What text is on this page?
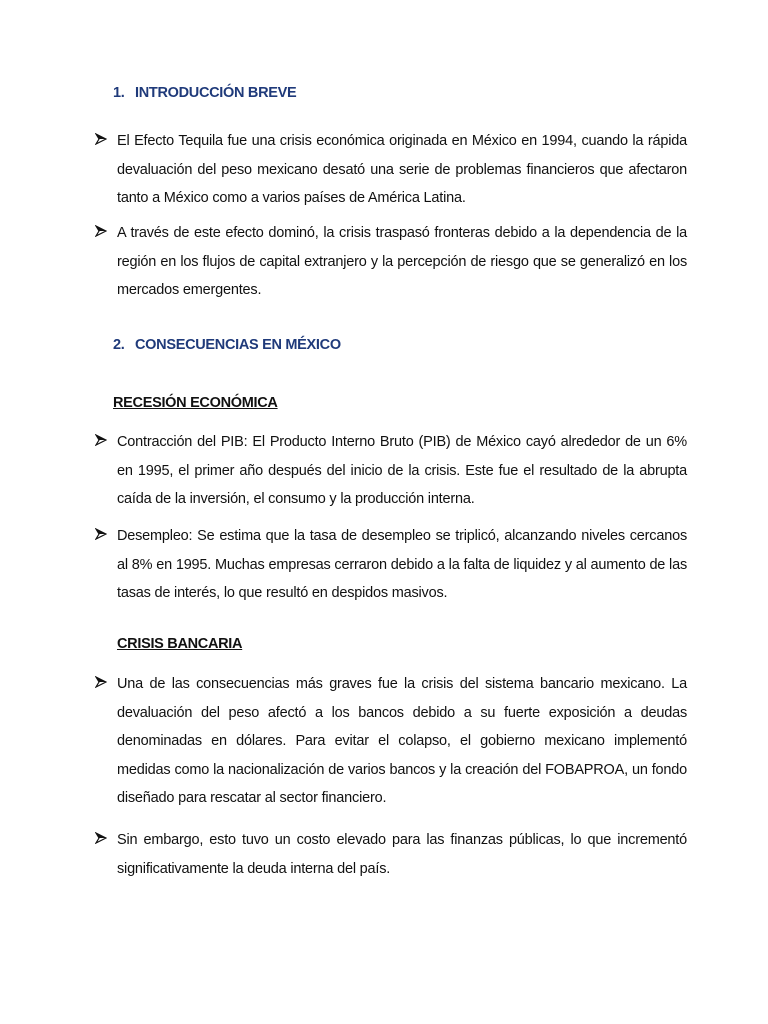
1. INTRODUCCIÓN BREVE
El Efecto Tequila fue una crisis económica originada en México en 1994, cuando la rápida devaluación del peso mexicano desató una serie de problemas financieros que afectaron tanto a México como a varios países de América Latina.
A través de este efecto dominó, la crisis traspasó fronteras debido a la dependencia de la región en los flujos de capital extranjero y la percepción de riesgo que se generalizó en los mercados emergentes.
2. CONSECUENCIAS EN MÉXICO
RECESIÓN ECONÓMICA
Contracción del PIB: El Producto Interno Bruto (PIB) de México cayó alrededor de un 6% en 1995, el primer año después del inicio de la crisis. Este fue el resultado de la abrupta caída de la inversión, el consumo y la producción interna.
Desempleo: Se estima que la tasa de desempleo se triplicó, alcanzando niveles cercanos al 8% en 1995. Muchas empresas cerraron debido a la falta de liquidez y al aumento de las tasas de interés, lo que resultó en despidos masivos.
CRISIS BANCARIA
Una de las consecuencias más graves fue la crisis del sistema bancario mexicano. La devaluación del peso afectó a los bancos debido a su fuerte exposición a deudas denominadas en dólares. Para evitar el colapso, el gobierno mexicano implementó medidas como la nacionalización de varios bancos y la creación del FOBAPROA, un fondo diseñado para rescatar al sector financiero.
Sin embargo, esto tuvo un costo elevado para las finanzas públicas, lo que incrementó significativamente la deuda interna del país.
